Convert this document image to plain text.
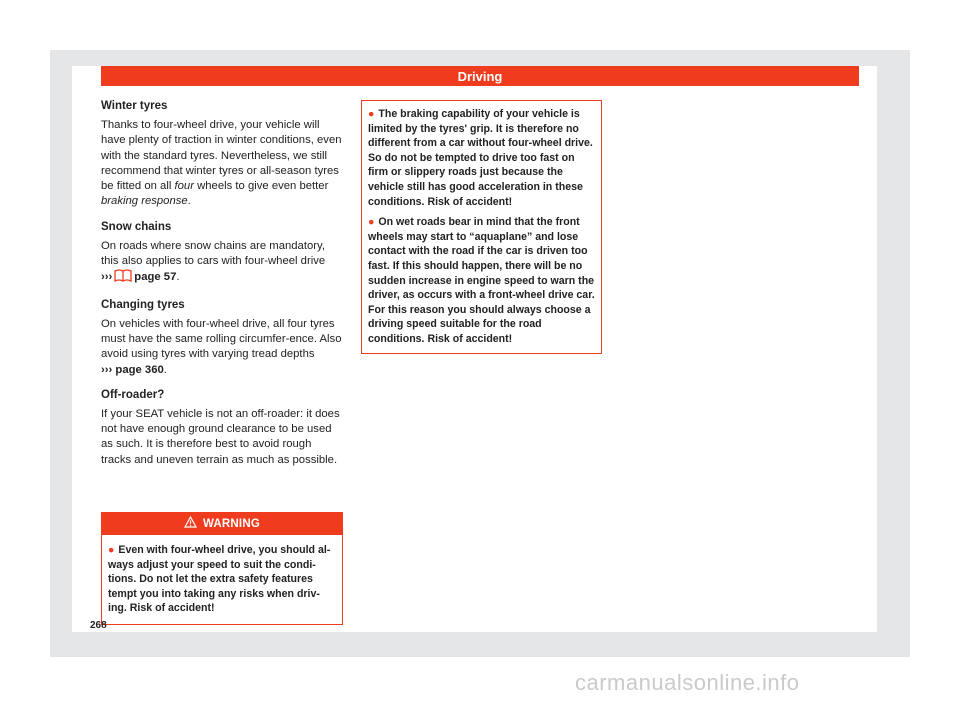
Driving
Winter tyres

Thanks to four-wheel drive, your vehicle will have plenty of traction in winter conditions, even with the standard tyres. Nevertheless, we still recommend that winter tyres or all-season tyres be fitted on all four wheels to give even better braking response.

Snow chains

On roads where snow chains are mandatory, this also applies to cars with four-wheel drive ››› page 57.

Changing tyres

On vehicles with four-wheel drive, all four tyres must have the same rolling circumfer-ence. Also avoid using tyres with varying tread depths ››› page 360.

Off-roader?

If your SEAT vehicle is not an off-roader: it does not have enough ground clearance to be used as such. It is therefore best to avoid rough tracks and uneven terrain as much as possible.

WARNING
● Even with four-wheel drive, you should al-ways adjust your speed to suit the condi-tions. Do not let the extra safety features tempt you into taking any risks when driv-ing. Risk of accident!
● The braking capability of your vehicle is limited by the tyres' grip. It is therefore no different from a car without four-wheel drive. So do not be tempted to drive too fast on firm or slippery roads just because the vehicle still has good acceleration in these conditions. Risk of accident!
● On wet roads bear in mind that the front wheels may start to “aquaplane” and lose contact with the road if the car is driven too fast. If this should happen, there will be no sudden increase in engine speed to warn the driver, as occurs with a front-wheel drive car. For this reason you should always choose a driving speed suitable for the road conditions. Risk of accident!
268
carmanualsonline.info
